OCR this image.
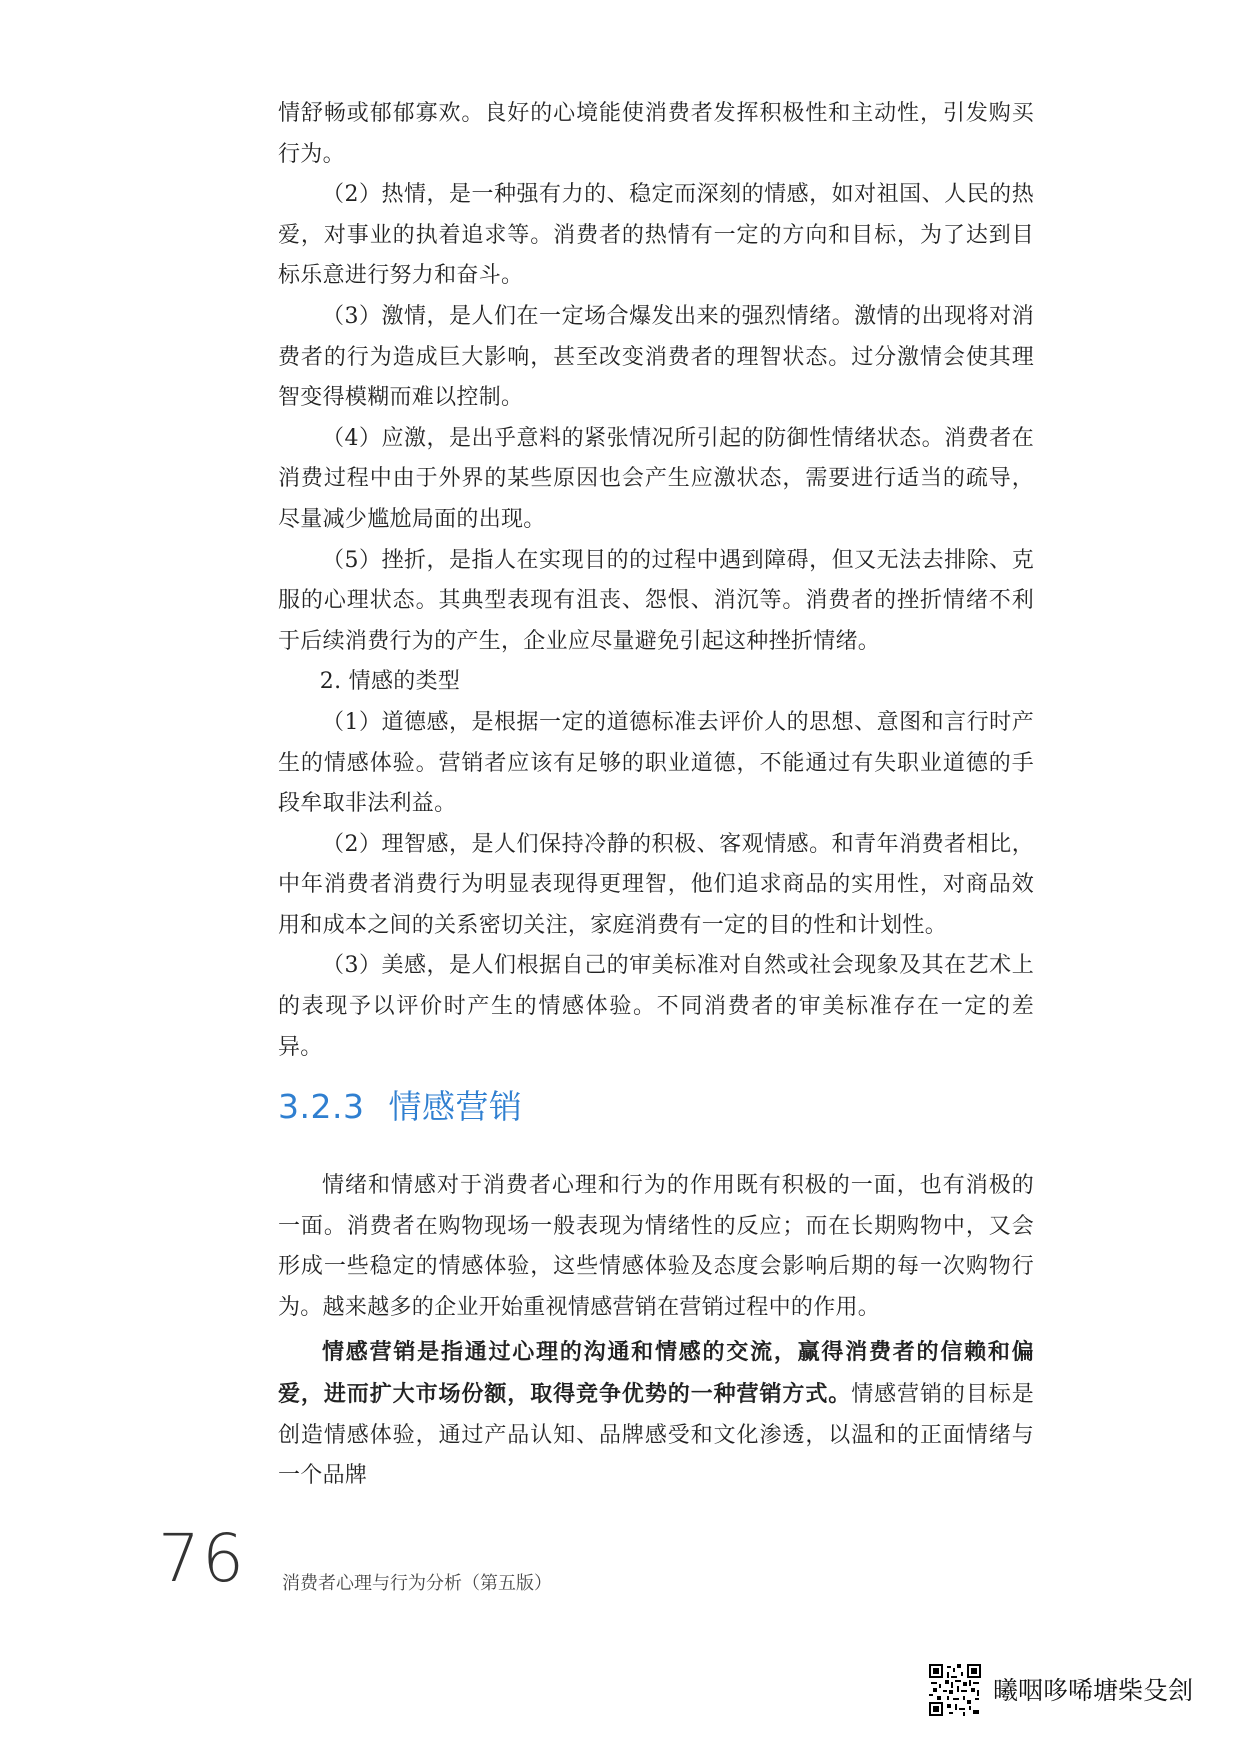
情舒畅或郁郁寡欢。良好的心境能使消费者发挥积极性和主动性，引发购买行为。

（2）热情，是一种强有力的、稳定而深刻的情感，如对祖国、人民的热爱，对事业的执着追求等。消费者的热情有一定的方向和目标，为了达到目标乐意进行努力和奋斗。

（3）激情，是人们在一定场合爆发出来的强烈情绪。激情的出现将对消费者的行为造成巨大影响，甚至改变消费者的理智状态。过分激情会使其理智变得模糊而难以控制。

（4）应激，是出乎意料的紧张情况所引起的防御性情绪状态。消费者在消费过程中由于外界的某些原因也会产生应激状态，需要进行适当的疏导，尽量减少尴尬局面的出现。

（5）挫折，是指人在实现目的的过程中遇到障碍，但又无法去排除、克服的心理状态。其典型表现有沮丧、怨恨、消沉等。消费者的挫折情绪不利于后续消费行为的产生，企业应尽量避免引起这种挫折情绪。

2. 情感的类型

（1）道德感，是根据一定的道德标准去评价人的思想、意图和言行时产生的情感体验。营销者应该有足够的职业道德，不能通过有失职业道德的手段牟取非法利益。

（2）理智感，是人们保持冷静的积极、客观情感。和青年消费者相比，中年消费者消费行为明显表现得更理智，他们追求商品的实用性，对商品效用和成本之间的关系密切关注，家庭消费有一定的目的性和计划性。

（3）美感，是人们根据自己的审美标准对自然或社会现象及其在艺术上的表现予以评价时产生的情感体验。不同消费者的审美标准存在一定的差异。

3.2.3 情感营销

情绪和情感对于消费者心理和行为的作用既有积极的一面，也有消极的一面。消费者在购物现场一般表现为情绪性的反应；而在长期购物中，又会形成一些稳定的情感体验，这些情感体验及态度会影响后期的每一次购物行为。越来越多的企业开始重视情感营销在营销过程中的作用。

情感营销是指通过心理的沟通和情感的交流，赢得消费者的信赖和偏爱，进而扩大市场份额，取得竞争优势的一种营销方式。情感营销的目标是创造情感体验，通过产品认知、品牌感受和文化渗透，以温和的正面情绪与一个品牌

76 消费者心理与行为分析（第五版）
曦咽哆唏塘柴殳刽
